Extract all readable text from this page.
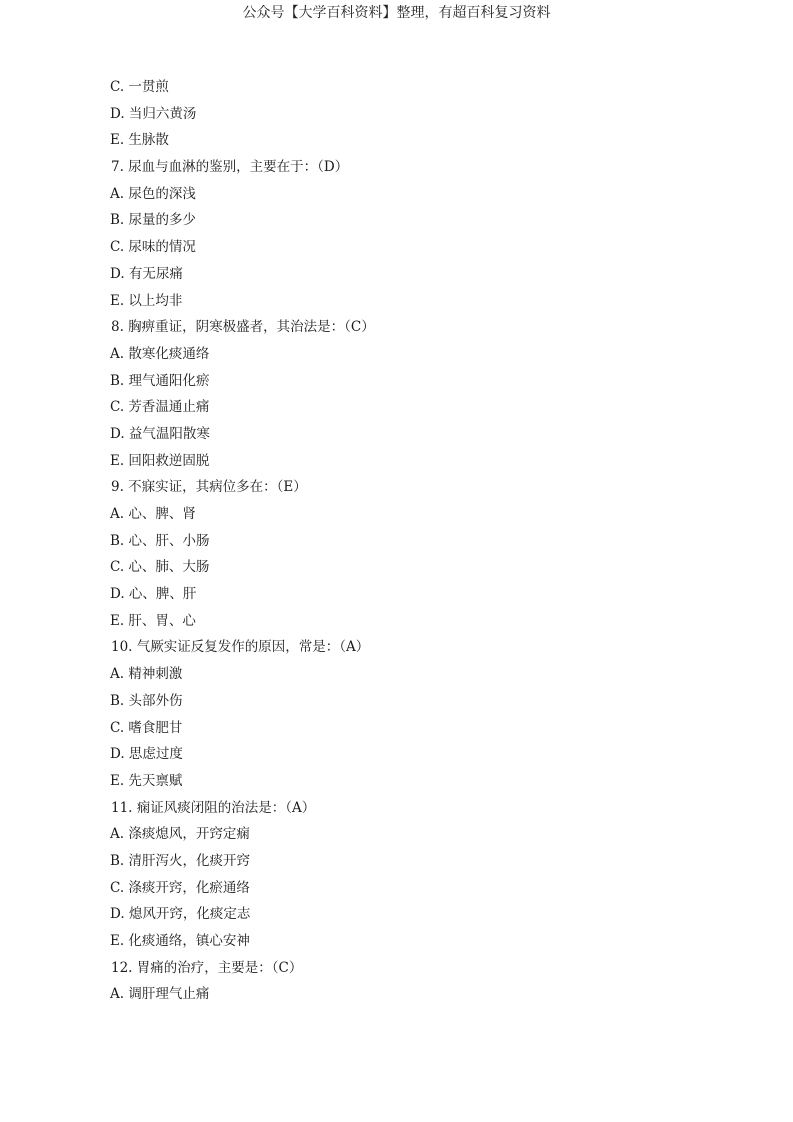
公众号【大学百科资料】整理，有超百科复习资料
C. 一贯煎
D. 当归六黄汤
E. 生脉散
7. 尿血与血淋的鉴别，主要在于：（D）
A. 尿色的深浅
B. 尿量的多少
C. 尿味的情况
D. 有无尿痛
E. 以上均非
8. 胸痹重证，阴寒极盛者，其治法是：（C）
A. 散寒化痰通络
B. 理气通阳化瘀
C. 芳香温通止痛
D. 益气温阳散寒
E. 回阳救逆固脱
9. 不寐实证，其病位多在：（E）
A. 心、脾、肾
B. 心、肝、小肠
C. 心、肺、大肠
D. 心、脾、肝
E. 肝、胃、心
10. 气厥实证反复发作的原因，常是：（A）
A. 精神刺激
B. 头部外伤
C. 嗜食肥甘
D. 思虑过度
E. 先天禀赋
11. 痫证风痰闭阻的治法是：（A）
A. 涤痰熄风，开窍定痫
B. 清肝泻火，化痰开窍
C. 涤痰开窍，化瘀通络
D. 熄风开窍，化痰定志
E. 化痰通络，镇心安神
12. 胃痛的治疗，主要是：（C）
A. 调肝理气止痛
